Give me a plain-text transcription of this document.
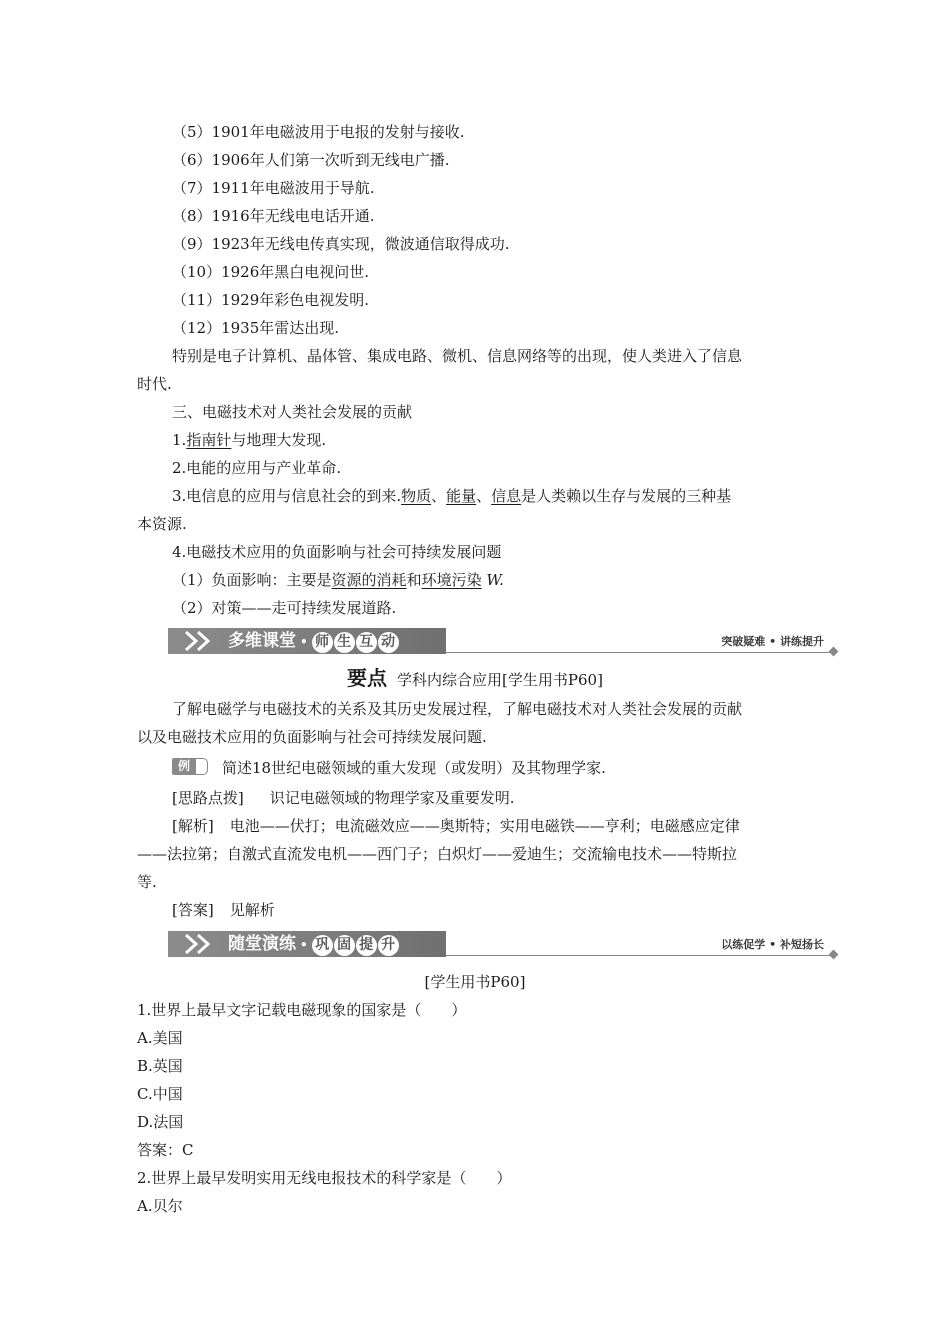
（5）1901年电磁波用于电报的发射与接收.
（6）1906年人们第一次听到无线电广播.
（7）1911年电磁波用于导航.
（8）1916年无线电电话开通.
（9）1923年无线电传真实现，微波通信取得成功.
（10）1926年黑白电视问世.
（11）1929年彩色电视发明.
（12）1935年雷达出现.
特别是电子计算机、晶体管、集成电路、微机、信息网络等的出现，使人类进入了信息
时代.
三、电磁技术对人类社会发展的贡献
1.指南针与地理大发现.
2.电能的应用与产业革命.
3.电信息的应用与信息社会的到来.物质、能量、信息是人类赖以生存与发展的三种基
本资源.
4.电磁技术应用的负面影响与社会可持续发展问题
（1）负面影响：主要是资源的消耗和环境污染 W.
（2）对策——走可持续发展道路.
多维课堂 • 师 生 互 动	突破疑难 • 讲练提升
要点 学科内综合应用[学生用书P60]
了解电磁学与电磁技术的关系及其历史发展过程，了解电磁技术对人类社会发展的贡献
以及电磁技术应用的负面影响与社会可持续发展问题.
例	简述18世纪电磁领域的重大发现（或发明）及其物理学家.
[思路点拨] 识记电磁领域的物理学家及重要发明.
[解析] 电池——伏打；电流磁效应——奥斯特；实用电磁铁——亨利；电磁感应定律
——法拉第；自激式直流发电机——西门子；白炽灯——爱迪生；交流输电技术——特斯拉
等.
[答案] 见解析
随堂演练 • 巩 固 提 升	以练促学 • 补短扬长
[学生用书P60]
1.世界上最早文字记载电磁现象的国家是（　　）
A.美国
B.英国
C.中国
D.法国
答案：C
2.世界上最早发明实用无线电报技术的科学家是（　　）
A.贝尔
